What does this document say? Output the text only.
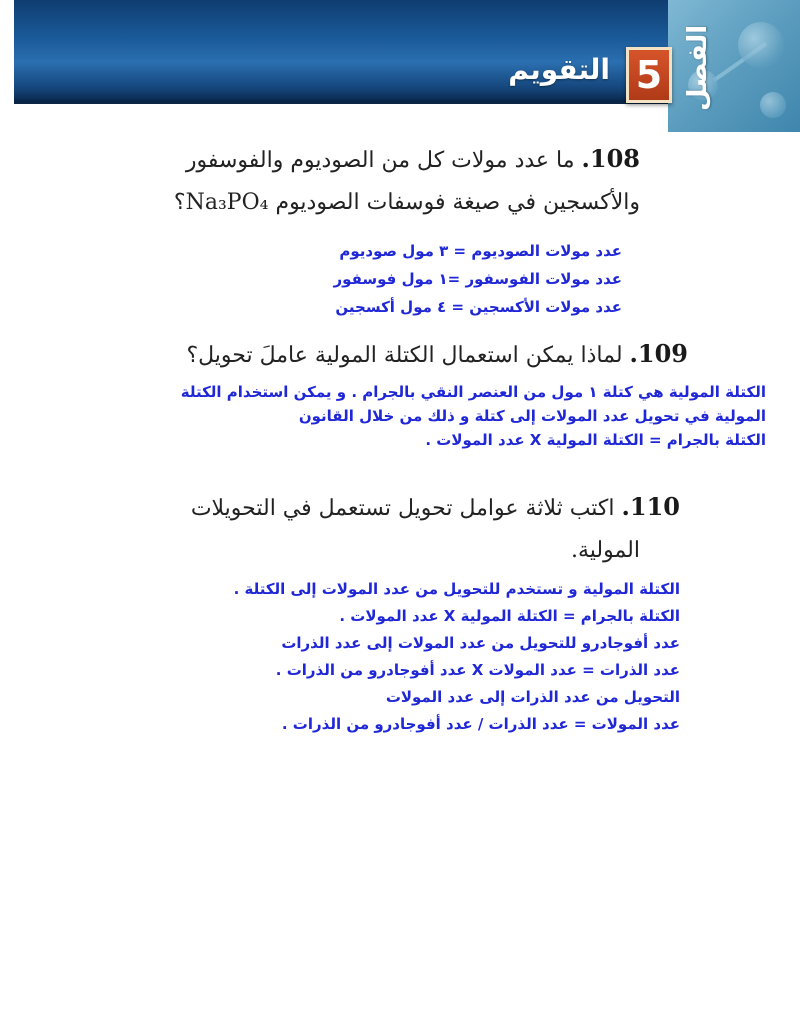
الفصل
5
التقويم
108. ما عدد مولات كل من الصوديوم والفوسفور
والأكسجين في صيغة فوسفات الصوديوم Na₃PO₄؟
عدد مولات الصوديوم = ٣ مول صوديوم
عدد مولات الفوسفور =١ مول فوسفور
عدد مولات الأكسجين = ٤ مول أكسجين
109. لماذا يمكن استعمال الكتلة المولية عاملَ تحويل؟
الكتلة المولية هي كتلة ١ مول من العنصر النقي بالجرام . و يمكن استخدام الكتلة
المولية في تحويل عدد المولات إلى كتلة و ذلك من خلال القانون
الكتلة بالجرام = الكتلة المولية X عدد المولات .
110. اكتب ثلاثة عوامل تحويل تستعمل في التحويلات
المولية.
الكتلة المولية و تستخدم للتحويل من عدد المولات إلى الكتلة .
الكتلة بالجرام = الكتلة المولية X عدد المولات .
عدد أفوجادرو للتحويل من عدد المولات إلى عدد الذرات
عدد الذرات = عدد المولات X عدد أفوجادرو من الذرات .
التحويل من عدد الذرات إلى عدد المولات
عدد المولات = عدد الذرات / عدد أفوجادرو من الذرات .
